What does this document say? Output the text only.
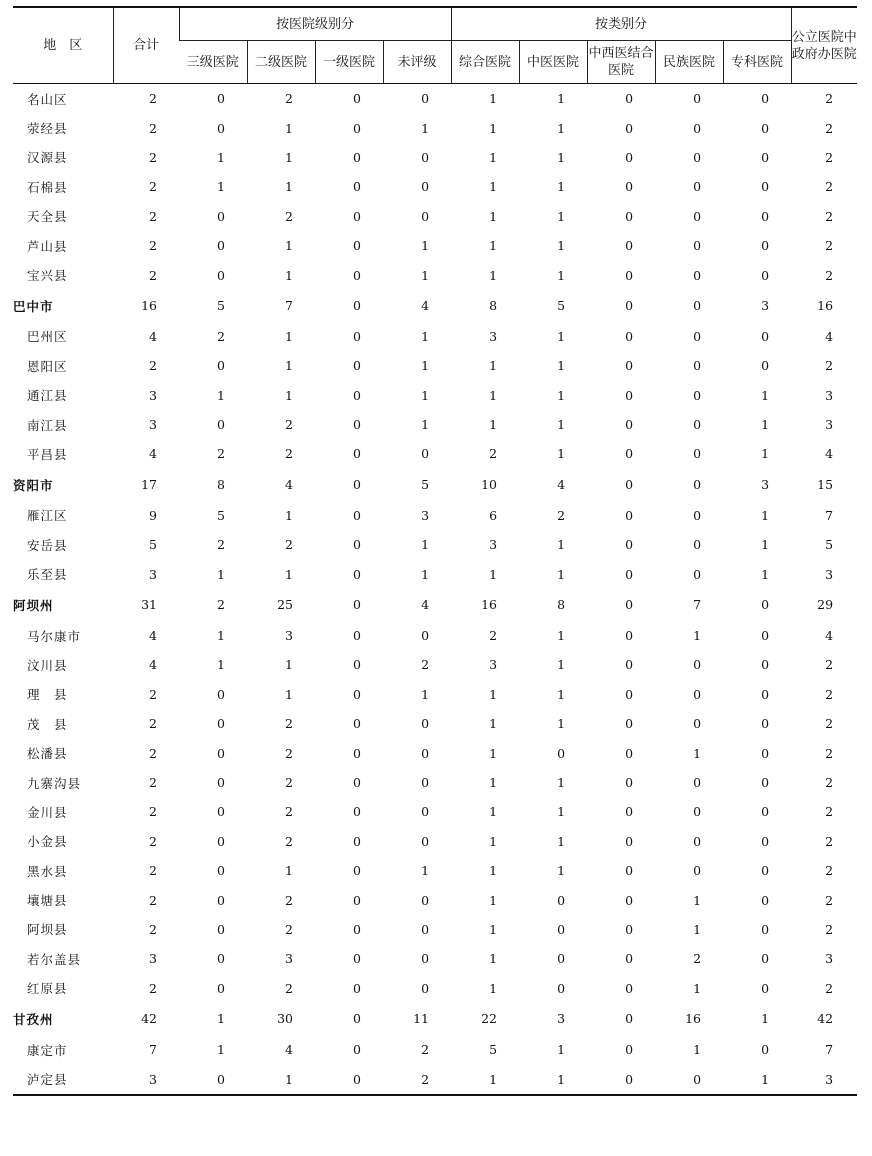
地　区	合计	按医院级别分				按类别分					公立医院中政府办医院
		三级医院	二级医院	一级医院	未评级	综合医院	中医医院	中西医结合医院	民族医院	专科医院	
名山区	2	0	2	0	0	1	1	0	0	0	2
荥经县	2	0	1	0	1	1	1	0	0	0	2
汉源县	2	1	1	0	0	1	1	0	0	0	2
石棉县	2	1	1	0	0	1	1	0	0	0	2
天全县	2	0	2	0	0	1	1	0	0	0	2
芦山县	2	0	1	0	1	1	1	0	0	0	2
宝兴县	2	0	1	0	1	1	1	0	0	0	2
巴中市	16	5	7	0	4	8	5	0	0	3	16
巴州区	4	2	1	0	1	3	1	0	0	0	4
恩阳区	2	0	1	0	1	1	1	0	0	0	2
通江县	3	1	1	0	1	1	1	0	0	1	3
南江县	3	0	2	0	1	1	1	0	0	1	3
平昌县	4	2	2	0	0	2	1	0	0	1	4
资阳市	17	8	4	0	5	10	4	0	0	3	15
雁江区	9	5	1	0	3	6	2	0	0	1	7
安岳县	5	2	2	0	1	3	1	0	0	1	5
乐至县	3	1	1	0	1	1	1	0	0	1	3
阿坝州	31	2	25	0	4	16	8	0	7	0	29
马尔康市	4	1	3	0	0	2	1	0	1	0	4
汶川县	4	1	1	0	2	3	1	0	0	0	2
理　县	2	0	1	0	1	1	1	0	0	0	2
茂　县	2	0	2	0	0	1	1	0	0	0	2
松潘县	2	0	2	0	0	1	0	0	1	0	2
九寨沟县	2	0	2	0	0	1	1	0	0	0	2
金川县	2	0	2	0	0	1	1	0	0	0	2
小金县	2	0	2	0	0	1	1	0	0	0	2
黑水县	2	0	1	0	1	1	1	0	0	0	2
壤塘县	2	0	2	0	0	1	0	0	1	0	2
阿坝县	2	0	2	0	0	1	0	0	1	0	2
若尔盖县	3	0	3	0	0	1	0	0	2	0	3
红原县	2	0	2	0	0	1	0	0	1	0	2
甘孜州	42	1	30	0	11	22	3	0	16	1	42
康定市	7	1	4	0	2	5	1	0	1	0	7
泸定县	3	0	1	0	2	1	1	0	0	1	3
